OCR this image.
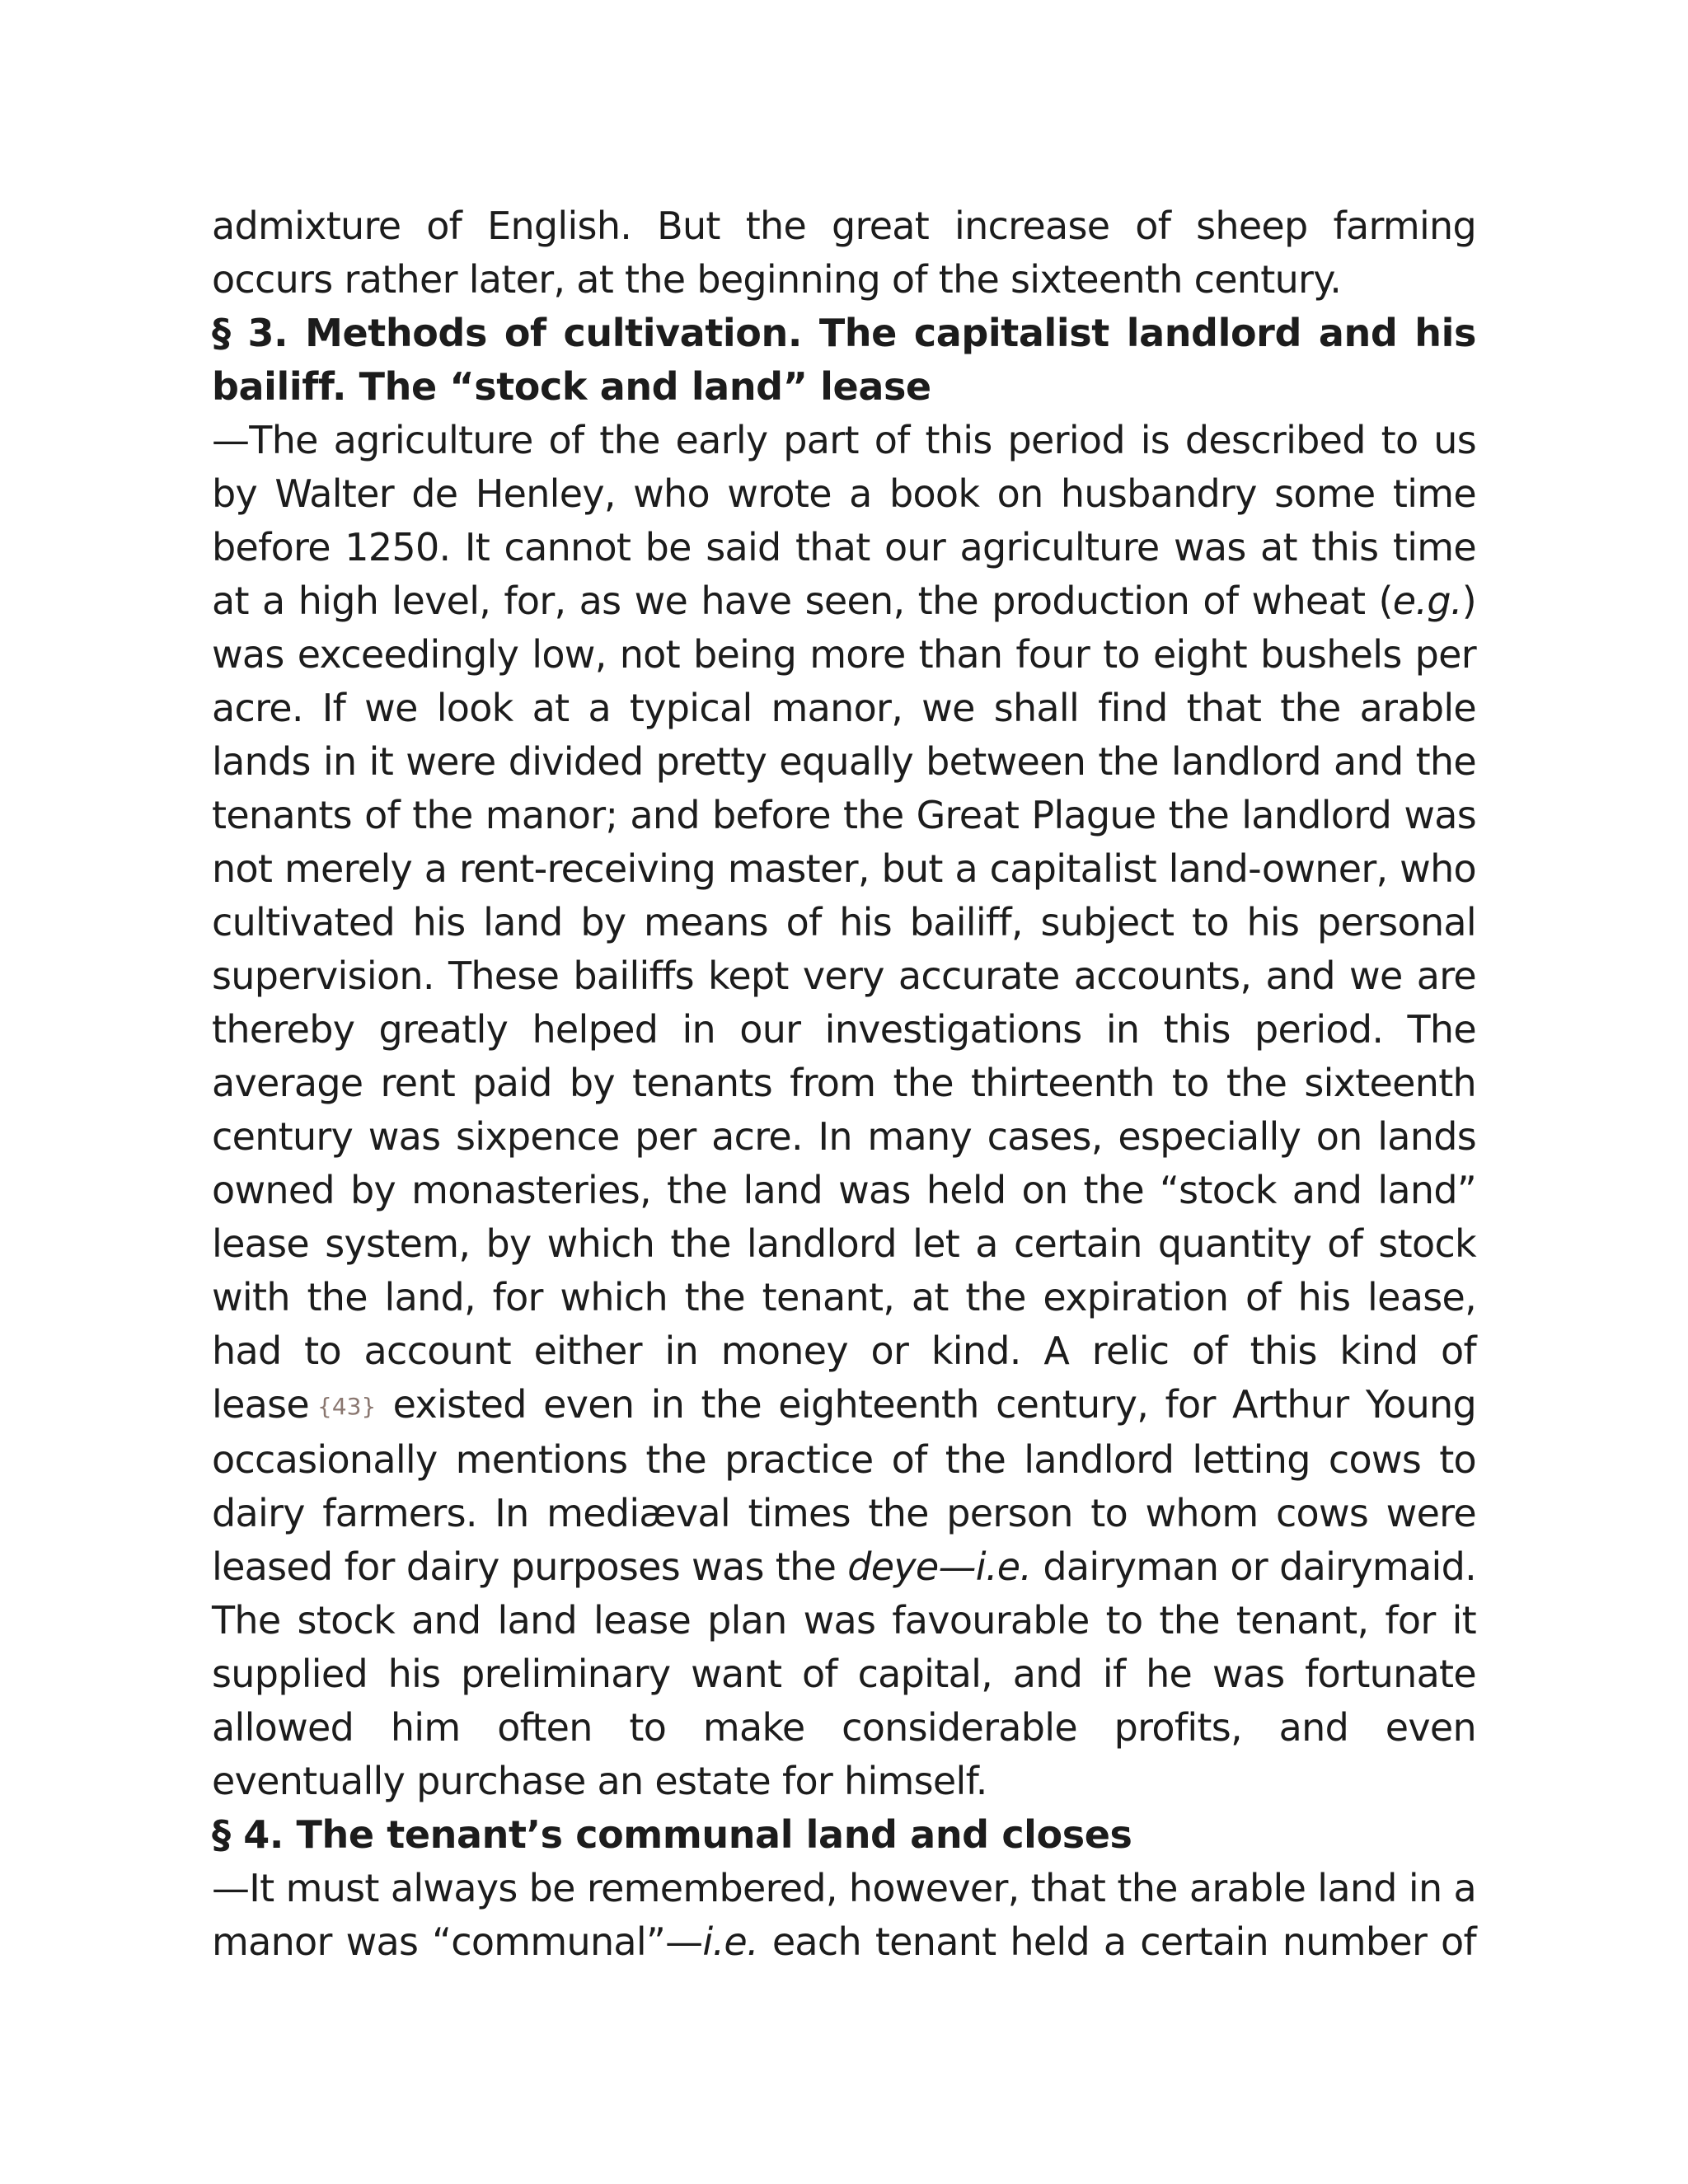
admixture of English. But the great increase of sheep farming occurs rather later, at the beginning of the sixteenth century.

§ 3. Methods of cultivation. The capitalist landlord and his bailiff. The “stock and land” lease

—The agriculture of the early part of this period is described to us by Walter de Henley, who wrote a book on husbandry some time before 1250. It cannot be said that our agriculture was at this time at a high level, for, as we have seen, the production of wheat (e.g.) was exceedingly low, not being more than four to eight bushels per acre. If we look at a typical manor, we shall find that the arable lands in it were divided pretty equally between the landlord and the tenants of the manor; and before the Great Plague the landlord was not merely a rent-receiving master, but a capitalist land-owner, who cultivated his land by means of his bailiff, subject to his personal supervision. These bailiffs kept very accurate accounts, and we are thereby greatly helped in our investigations in this period. The average rent paid by tenants from the thirteenth to the sixteenth century was sixpence per acre. In many cases, especially on lands owned by monasteries, the land was held on the “stock and land” lease system, by which the landlord let a certain quantity of stock with the land, for which the tenant, at the expiration of his lease, had to account either in money or kind. A relic of this kind of lease {43} existed even in the eighteenth century, for Arthur Young occasionally mentions the practice of the landlord letting cows to dairy farmers. In mediæval times the person to whom cows were leased for dairy purposes was the deye—i.e. dairyman or dairymaid. The stock and land lease plan was favourable to the tenant, for it supplied his preliminary want of capital, and if he was fortunate allowed him often to make considerable profits, and even eventually purchase an estate for himself.

§ 4. The tenant’s communal land and closes

—It must always be remembered, however, that the arable land in a manor was “communal”—i.e. each tenant held a certain number of
